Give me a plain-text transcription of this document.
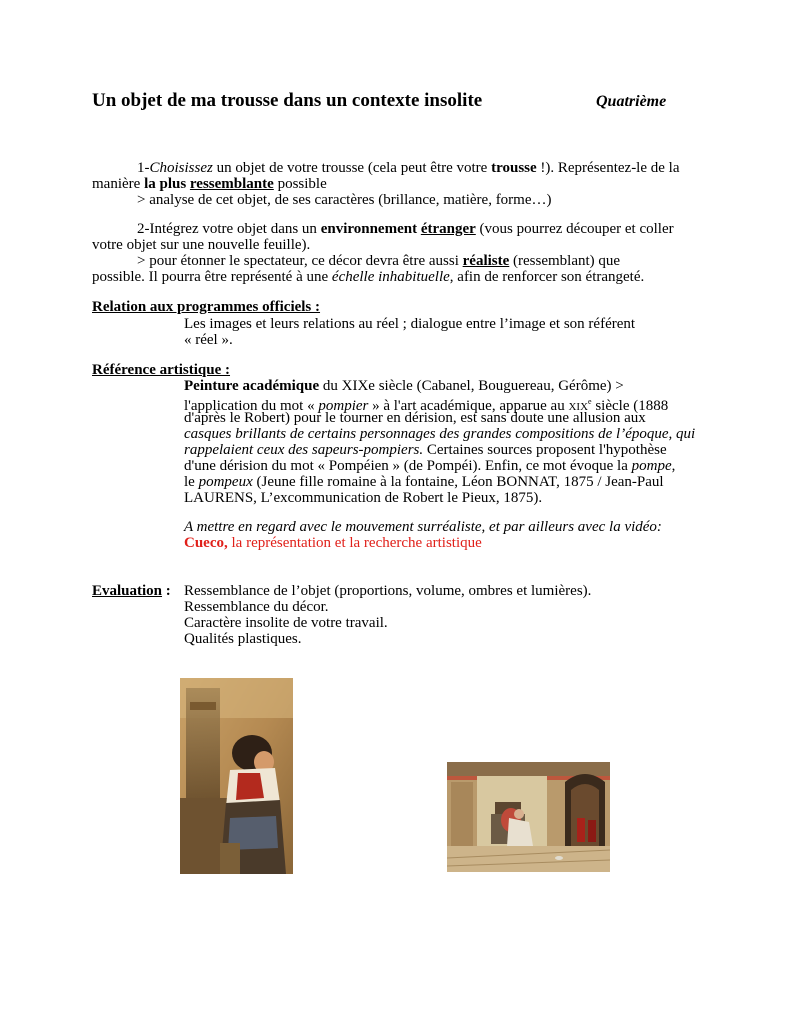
Un objet de ma trousse dans un contexte insolite	Quatrième
1-Choisissez un objet de votre trousse (cela peut être votre trousse !). Représentez-le de la
manière la plus ressemblante possible
> analyse de cet objet, de ses caractères (brillance, matière, forme…)
2-Intégrez votre objet dans un environnement étranger (vous pourrez découper et coller
votre objet sur une nouvelle feuille).
> pour étonner le spectateur, ce décor devra être aussi réaliste (ressemblant) que
possible. Il pourra être représenté à une échelle inhabituelle, afin de renforcer son étrangeté.
Relation aux programmes officiels :
Les images et leurs relations au réel ; dialogue entre l’image et son référent
« réel ».
Référence artistique :
Peinture académique du XIXe siècle (Cabanel, Bouguereau, Gérôme) >
l'application du mot « pompier » à l'art académique, apparue au XIXe siècle (1888
d'après le Robert) pour le tourner en dérision, est sans doute une allusion aux
casques brillants de certains personnages des grandes compositions de l’époque, qui
rappelaient ceux des sapeurs-pompiers. Certaines sources proposent l'hypothèse
d'une dérision du mot « Pompéien » (de Pompéi). Enfin, ce mot évoque la pompe,
le pompeux (Jeune fille romaine à la fontaine, Léon BONNAT, 1875 / Jean-Paul
LAURENS, L’excommunication de Robert le Pieux, 1875).
A mettre en regard avec le mouvement surréaliste, et par ailleurs avec la vidéo:
Cueco, la représentation et la recherche artistique
Evaluation : Ressemblance de l’objet (proportions, volume, ombres et lumières).
Ressemblance du décor.
Caractère insolite de votre travail.
Qualités plastiques.
